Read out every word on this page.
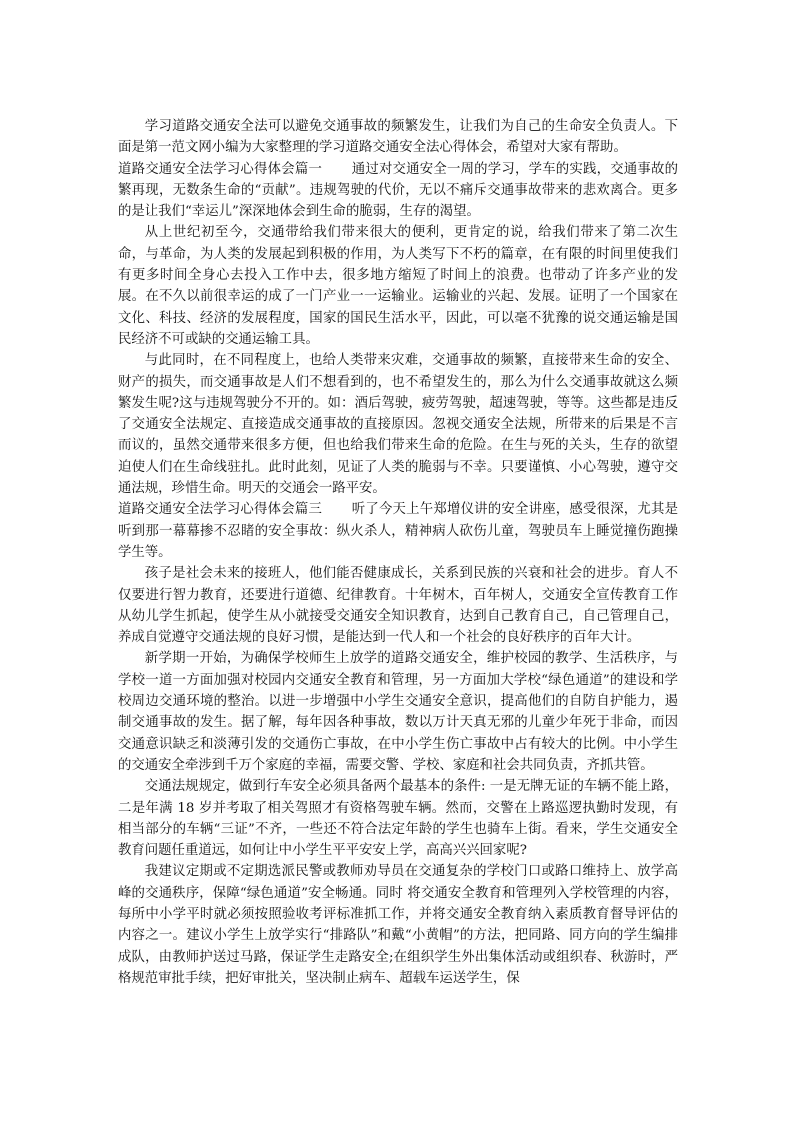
学习道路交通安全法可以避免交通事故的频繁发生，让我们为自己的生命安全负责人。下面是第一范文网小编为大家整理的学习道路交通安全法心得体会，希望对大家有帮助。

道路交通安全法学习心得体会篇一 通过对交通安全一周的学习，学车的实践，交通事故的繁再现，无数条生命的“贡献”。违规驾驶的代价，无以不痛斥交通事故带来的悲欢离合。更多的是让我们“幸运儿”深深地体会到生命的脆弱，生存的渴望。

从上世纪初至今，交通带给我们带来很大的便利，更肯定的说，给我们带来了第二次生命，与革命，为人类的发展起到积极的作用，为人类写下不朽的篇章，在有限的时间里使我们有更多时间全身心去投入工作中去，很多地方缩短了时间上的浪费。也带动了许多产业的发展。在不久以前很幸运的成了一门产业一一运输业。运输业的兴起、发展。证明了一个国家在文化、科技、经济的发展程度，国家的国民生活水平，因此，可以毫不犹豫的说交通运输是国民经济不可或缺的交通运输工具。

与此同时，在不同程度上，也给人类带来灾难，交通事故的频繁，直接带来生命的安全、财产的损失，而交通事故是人们不想看到的，也不希望发生的，那么为什么交通事故就这么频繁发生呢?这与违规驾驶分不开的。如：酒后驾驶，疲劳驾驶，超速驾驶，等等。这些都是违反了交通安全法规定、直接造成交通事故的直接原因。忽视交通安全法规，所带来的后果是不言而议的，虽然交通带来很多方便，但也给我们带来生命的危险。在生与死的关头，生存的欲望迫使人们在生命线驻扎。此时此刻，见证了人类的脆弱与不幸。只要谨慎、小心驾驶，遵守交通法规，珍惜生命。明天的交通会一路平安。

道路交通安全法学习心得体会篇三 听了今天上午郑增仪讲的安全讲座，感受很深，尤其是听到那一幕幕掺不忍睹的安全事故：纵火杀人，精神病人砍伤儿童，驾驶员车上睡觉撞伤跑操学生等。

孩子是社会未来的接班人，他们能否健康成长，关系到民族的兴衰和社会的进步。育人不仅要进行智力教育，还要进行道德、纪律教育。十年树木，百年树人，交通安全宣传教育工作从幼儿学生抓起，使学生从小就接受交通安全知识教育，达到自己教育自己，自己管理自己，养成自觉遵守交通法规的良好习惯，是能达到一代人和一个社会的良好秩序的百年大计。

新学期一开始，为确保学校师生上放学的道路交通安全，维护校园的教学、生活秩序，与学校一道一方面加强对校园内交通安全教育和管理，另一方面加大学校“绿色通道”的建设和学校周边交通环境的整治。以进一步增强中小学生交通安全意识，提高他们的自防自护能力，遏制交通事故的发生。据了解，每年因各种事故，数以万计天真无邪的儿童少年死于非命，而因交通意识缺乏和淡薄引发的交通伤亡事故，在中小学生伤亡事故中占有较大的比例。中小学生的交通安全牵涉到千万个家庭的幸福，需要交警、学校、家庭和社会共同负责，齐抓共管。

交通法规规定，做到行车安全必须具备两个最基本的条件: 一是无牌无证的车辆不能上路，二是年满 18 岁并考取了相关驾照才有资格驾驶车辆。然而，交警在上路巡逻执勤时发现，有相当部分的车辆“三证”不齐，一些还不符合法定年龄的学生也骑车上街。看来，学生交通安全教育问题任重道远，如何让中小学生平平安安上学，高高兴兴回家呢?

我建议定期或不定期选派民警或教师劝导员在交通复杂的学校门口或路口维持上、放学高峰的交通秩序，保障“绿色通道”安全畅通。同时 将交通安全教育和管理列入学校管理的内容，每所中小学平时就必须按照验收考评标准抓工作，并将交通安全教育纳入素质教育督导评估的内容之一。建议小学生上放学实行“排路队”和戴“小黄帽”的方法，把同路、同方向的学生编排成队，由教师护送过马路，保证学生走路安全;在组织学生外出集体活动或组织春、秋游时，严格规范审批手续，把好审批关，坚决制止病车、超载车运送学生，保
